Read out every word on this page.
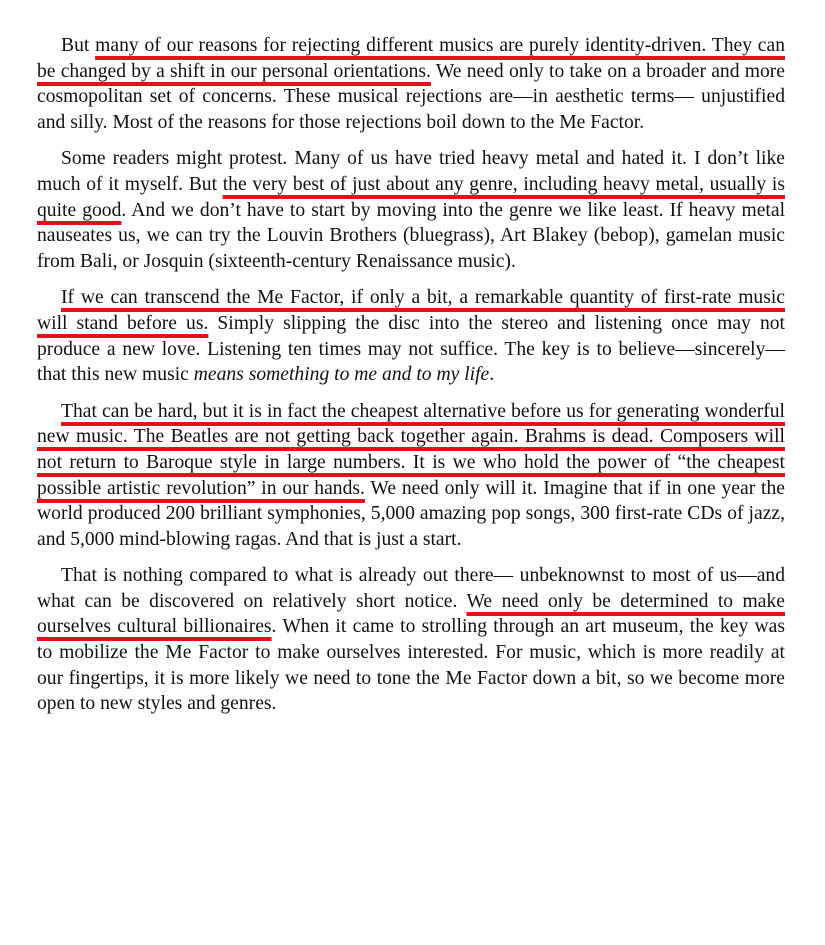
But many of our reasons for rejecting different musics are purely identity-driven. They can be changed by a shift in our personal orientations. We need only to take on a broader and more cosmopolitan set of concerns. These musical rejections are—in aesthetic terms— unjustified and silly. Most of the reasons for those rejections boil down to the Me Factor.

Some readers might protest. Many of us have tried heavy metal and hated it. I don’t like much of it myself. But the very best of just about any genre, including heavy metal, usually is quite good. And we don’t have to start by moving into the genre we like least. If heavy metal nauseates us, we can try the Louvin Brothers (bluegrass), Art Blakey (bebop), gamelan music from Bali, or Josquin (sixteenth-century Renaissance music).

If we can transcend the Me Factor, if only a bit, a remarkable quantity of first-rate music will stand before us. Simply slipping the disc into the stereo and listening once may not produce a new love. Listening ten times may not suffice. The key is to believe—sincerely—that this new music means something to me and to my life.

That can be hard, but it is in fact the cheapest alternative before us for generating wonderful new music. The Beatles are not getting back together again. Brahms is dead. Composers will not return to Baroque style in large numbers. It is we who hold the power of “the cheapest possible artistic revolution” in our hands. We need only will it. Imagine that if in one year the world produced 200 brilliant symphonies, 5,000 amazing pop songs, 300 first-rate CDs of jazz, and 5,000 mind-blowing ragas. And that is just a start.

That is nothing compared to what is already out there— unbeknownst to most of us—and what can be discovered on relatively short notice. We need only be determined to make ourselves cultural billionaires. When it came to strolling through an art museum, the key was to mobilize the Me Factor to make ourselves interested. For music, which is more readily at our fingertips, it is more likely we need to tone the Me Factor down a bit, so we become more open to new styles and genres.
